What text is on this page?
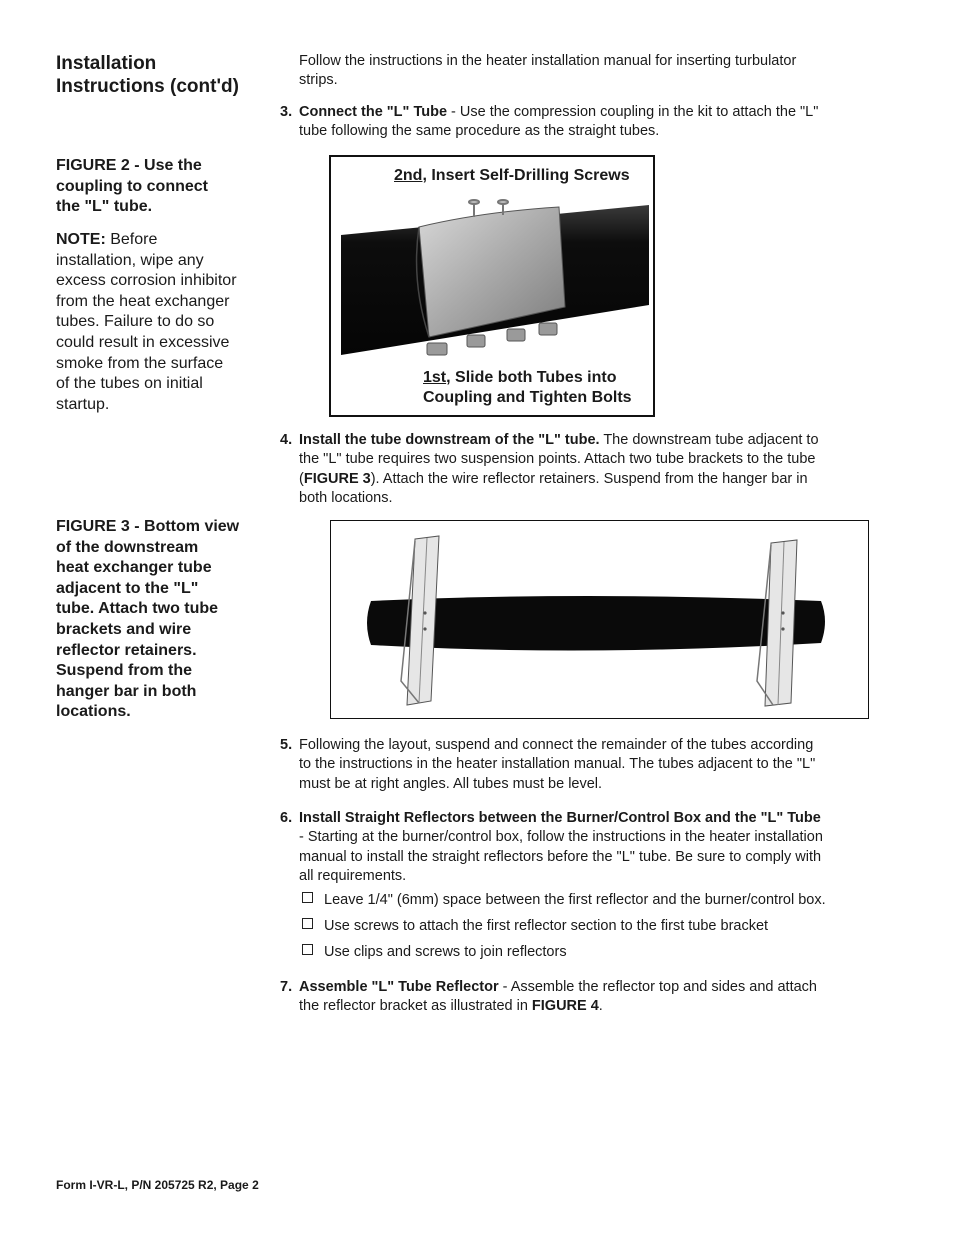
Installation
Instructions (cont'd)
Follow the instructions in the heater installation manual for inserting turbulator
strips.
3. Connect the "L" Tube - Use the compression coupling in the kit to attach the "L"
tube following the same procedure as the straight tubes.
FIGURE 2 - Use the
coupling to connect
the "L" tube.
NOTE: Before
installation, wipe any
excess corrosion inhibitor
from the heat exchanger
tubes. Failure to do so
could result in excessive
smoke from the surface
of the tubes on initial
startup.
2nd, Insert Self-Drilling Screws
1st, Slide both Tubes into
Coupling and Tighten Bolts
4. Install the tube downstream of the "L" tube. The downstream tube adjacent to
the "L" tube requires two suspension points. Attach two tube brackets to the tube
(FIGURE 3). Attach the wire reflector retainers. Suspend from the hanger bar in
both locations.
FIGURE 3 - Bottom view
of the downstream
heat exchanger tube
adjacent to the "L"
tube. Attach two tube
brackets and wire
reflector retainers.
Suspend from the
hanger bar in both
locations.
5. Following the layout, suspend and connect the remainder of the tubes according
to the instructions in the heater installation manual. The tubes adjacent to the "L"
must be at right angles. All tubes must be level.
6. Install Straight Reflectors between the Burner/Control Box and the "L" Tube
- Starting at the burner/control box, follow the instructions in the heater installation
manual to install the straight reflectors before the "L" tube. Be sure to comply with
all requirements.
Leave 1/4" (6mm) space between the first reflector and the burner/control box.
Use screws to attach the first reflector section to the first tube bracket
Use clips and screws to join reflectors
7. Assemble "L" Tube Reflector - Assemble the reflector top and sides and attach
the reflector bracket as illustrated in FIGURE 4.
Form I-VR-L, P/N 205725 R2, Page 2
